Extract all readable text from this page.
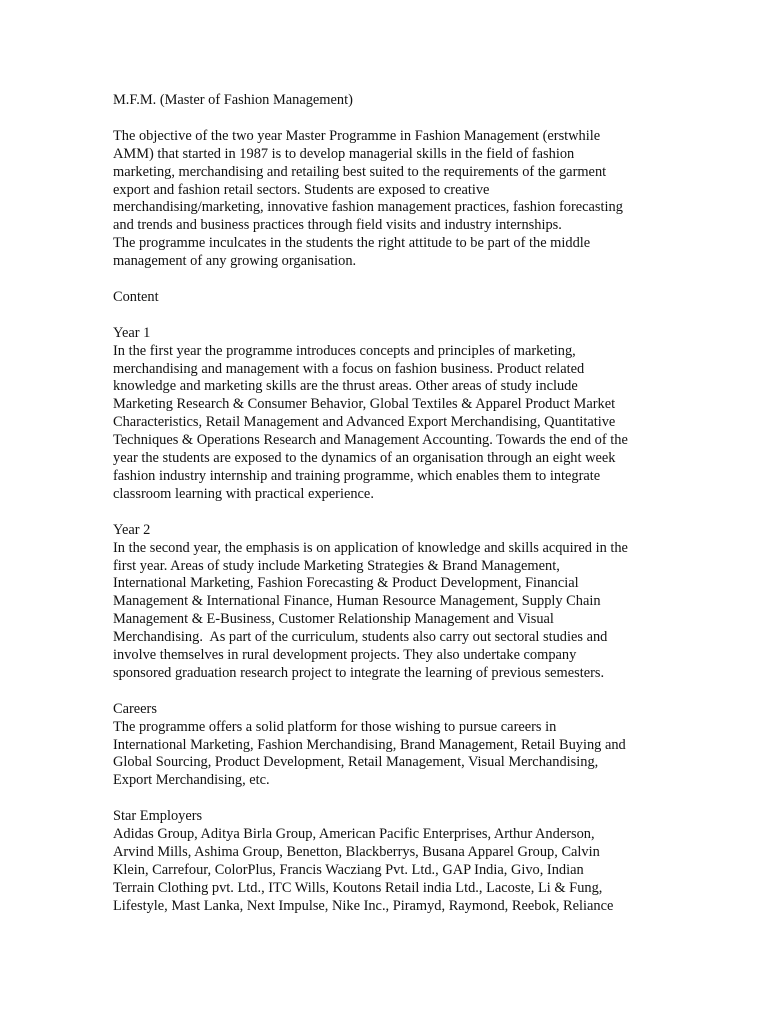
M.F.M. (Master of Fashion Management)
The objective of the two year Master Programme in Fashion Management (erstwhile
AMM) that started in 1987 is to develop managerial skills in the field of fashion
marketing, merchandising and retailing best suited to the requirements of the garment
export and fashion retail sectors. Students are exposed to creative
merchandising/marketing, innovative fashion management practices, fashion forecasting
and trends and business practices through field visits and industry internships.
The programme inculcates in the students the right attitude to be part of the middle
management of any growing organisation.
Content
Year 1
In the first year the programme introduces concepts and principles of marketing,
merchandising and management with a focus on fashion business. Product related
knowledge and marketing skills are the thrust areas. Other areas of study include
Marketing Research & Consumer Behavior, Global Textiles & Apparel Product Market
Characteristics, Retail Management and Advanced Export Merchandising, Quantitative
Techniques & Operations Research and Management Accounting. Towards the end of the
year the students are exposed to the dynamics of an organisation through an eight week
fashion industry internship and training programme, which enables them to integrate
classroom learning with practical experience.
Year 2
In the second year, the emphasis is on application of knowledge and skills acquired in the
first year. Areas of study include Marketing Strategies & Brand Management,
International Marketing, Fashion Forecasting & Product Development, Financial
Management & International Finance, Human Resource Management, Supply Chain
Management & E-Business, Customer Relationship Management and Visual
Merchandising.  As part of the curriculum, students also carry out sectoral studies and
involve themselves in rural development projects. They also undertake company
sponsored graduation research project to integrate the learning of previous semesters.
Careers
The programme offers a solid platform for those wishing to pursue careers in
International Marketing, Fashion Merchandising, Brand Management, Retail Buying and
Global Sourcing, Product Development, Retail Management, Visual Merchandising,
Export Merchandising, etc.
Star Employers
Adidas Group, Aditya Birla Group, American Pacific Enterprises, Arthur Anderson,
Arvind Mills, Ashima Group, Benetton, Blackberrys, Busana Apparel Group, Calvin
Klein, Carrefour, ColorPlus, Francis Wacziang Pvt. Ltd., GAP India, Givo, Indian
Terrain Clothing pvt. Ltd., ITC Wills, Koutons Retail india Ltd., Lacoste, Li & Fung,
Lifestyle, Mast Lanka, Next Impulse, Nike Inc., Piramyd, Raymond, Reebok, Reliance
